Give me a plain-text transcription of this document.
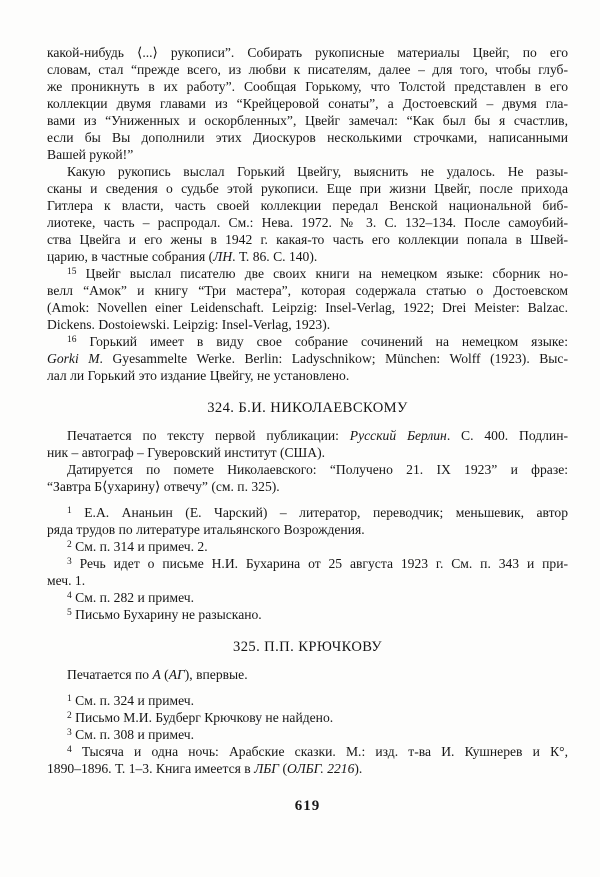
какой-нибудь ⟨...⟩ рукописи”. Собирать рукописные материалы Цвейг, по его
словам, стал “прежде всего, из любви к писателям, далее – для того, чтобы глуб-
же проникнуть в их работу”. Сообщая Горькому, что Толстой представлен в его
коллекции двумя главами из “Крейцеровой сонаты”, а Достоевский – двумя гла-
вами из “Униженных и оскорбленных”, Цвейг замечал: “Как был бы я счастлив,
если бы Вы дополнили этих Диоскуров несколькими строчками, написанными
Вашей рукой!”
Какую рукопись выслал Горький Цвейгу, выяснить не удалось. Не разы-
сканы и сведения о судьбе этой рукописи. Еще при жизни Цвейг, после прихода
Гитлера к власти, часть своей коллекции передал Венской национальной биб-
лиотеке, часть – распродал. См.: Нева. 1972. № 3. С. 132–134. После самоубий-
ства Цвейга и его жены в 1942 г. какая-то часть его коллекции попала в Швей-
царию, в частные собрания (ЛН. Т. 86. С. 140).
$^{15}$ Цвейг выслал писателю две своих книги на немецком языке: сборник но-
велл “Амок” и книгу “Три мастера”, которая содержала статью о Достоевском
(Amok: Novellen einer Leidenschaft. Leipzig: Insel-Verlag, 1922; Drei Meister: Balzac.
Dickens. Dostoiewski. Leipzig: Insel-Verlag, 1923).
$^{16}$ Горький имеет в виду свое собрание сочинений на немецком языке:
Gorki M. Gyesammelte Werke. Berlin: Ladyschnikow; München: Wolff (1923). Выс-
лал ли Горький это издание Цвейгу, не установлено.
324. Б.И. НИКОЛАЕВСКОМУ
Печатается по тексту первой публикации: Русский Берлин. С. 400. Подлин-
ник – автограф – Гуверовский институт (США).
Датируется по помете Николаевского: “Получено 21. IX 1923” и фразе:
“Завтра Б⟨ухарину⟩ отвечу” (см. п. 325).
$^1$ Е.А. Ананьин (Е. Чарский) – литератор, переводчик; меньшевик, автор
ряда трудов по литературе итальянского Возрождения.
$^2$ См. п. 314 и примеч. 2.
$^3$ Речь идет о письме Н.И. Бухарина от 25 августа 1923 г. См. п. 343 и при-
меч. 1.
$^4$ См. п. 282 и примеч.
$^5$ Письмо Бухарину не разыскано.
325. П.П. КРЮЧКОВУ
Печатается по А (АГ), впервые.
$^1$ См. п. 324 и примеч.
$^2$ Письмо М.И. Будберг Крючкову не найдено.
$^3$ См. п. 308 и примеч.
$^4$ Тысяча и одна ночь: Арабские сказки. М.: изд. т-ва И. Кушнерев и К°,
1890–1896. Т. 1–3. Книга имеется в ЛБГ (ОЛБГ. 2216).
619
